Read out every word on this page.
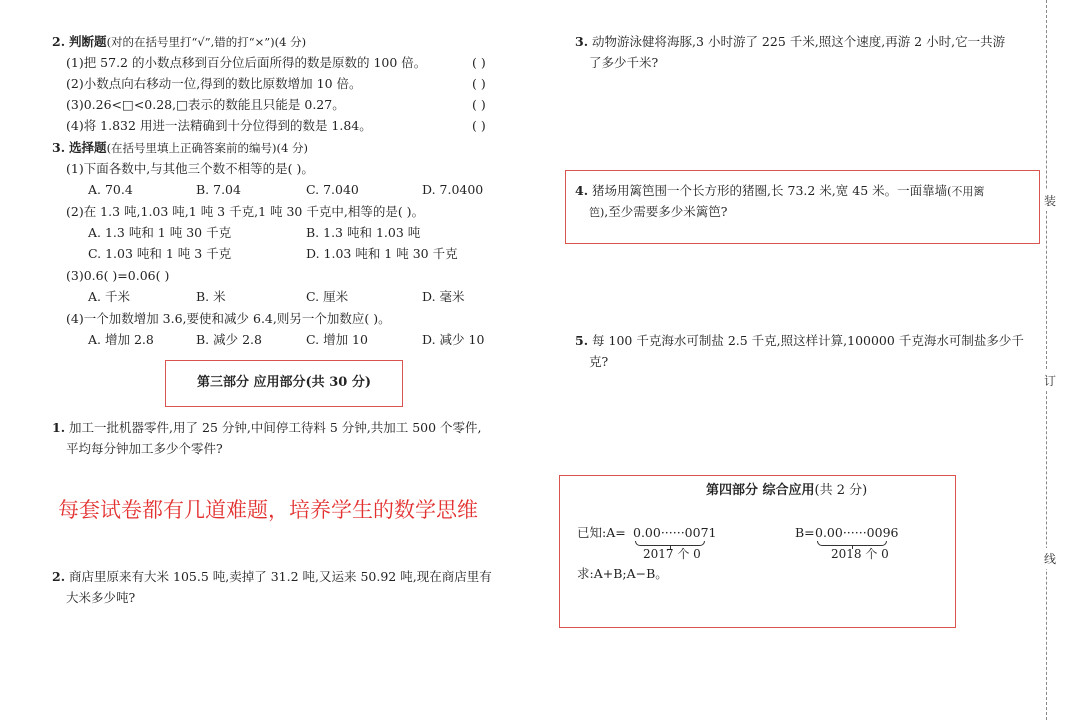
2. 判断题(对的在括号里打“√”,错的打“×”)(4 分)
(1)把 57.2 的小数点移到百分位后面所得的数是原数的 100 倍。	( )
(2)小数点向右移动一位,得到的数比原数增加 10 倍。	( )
(3)0.26<□<0.28,□表示的数能且只能是 0.27。	( )
(4)将 1.832 用进一法精确到十分位得到的数是 1.84。	( )
3. 选择题(在括号里填上正确答案前的编号)(4 分)
(1)下面各数中,与其他三个数不相等的是( )。
A. 70.4	B. 7.04	C. 7.040	D. 7.0400
(2)在 1.3 吨,1.03 吨,1 吨 3 千克,1 吨 30 千克中,相等的是( )。
A. 1.3 吨和 1 吨 30 千克	B. 1.3 吨和 1.03 吨
C. 1.03 吨和 1 吨 3 千克	D. 1.03 吨和 1 吨 30 千克
(3)0.6( )=0.06( )
A. 千米	B. 米	C. 厘米	D. 毫米
(4)一个加数增加 3.6,要使和减少 6.4,则另一个加数应( )。
A. 增加 2.8	B. 减少 2.8	C. 增加 10	D. 减少 10
第三部分 应用部分(共 30 分)
1. 加工一批机器零件,用了 25 分钟,中间停工待料 5 分钟,共加工 500 个零件,
平均每分钟加工多少个零件?
每套试卷都有几道难题，培养学生的数学思维
2. 商店里原来有大米 105.5 吨,卖掉了 31.2 吨,又运来 50.92 吨,现在商店里有
大米多少吨?
3. 动物游泳健将海豚,3 小时游了 225 千米,照这个速度,再游 2 小时,它一共游
了多少千米?
4. 猪场用篱笆围一个长方形的猪圈,长 73.2 米,宽 45 米。一面靠墙(不用篱
笆),至少需要多少米篱笆?
5. 每 100 千克海水可制盐 2.5 千克,照这样计算,100000 千克海水可制盐多少千
克?
第四部分 综合应用(共 2 分)
已知:A= 0.00······0071
2017 个 0
B= 0.00······0096
2018 个 0
求:A+B;A−B。
装
订
线
